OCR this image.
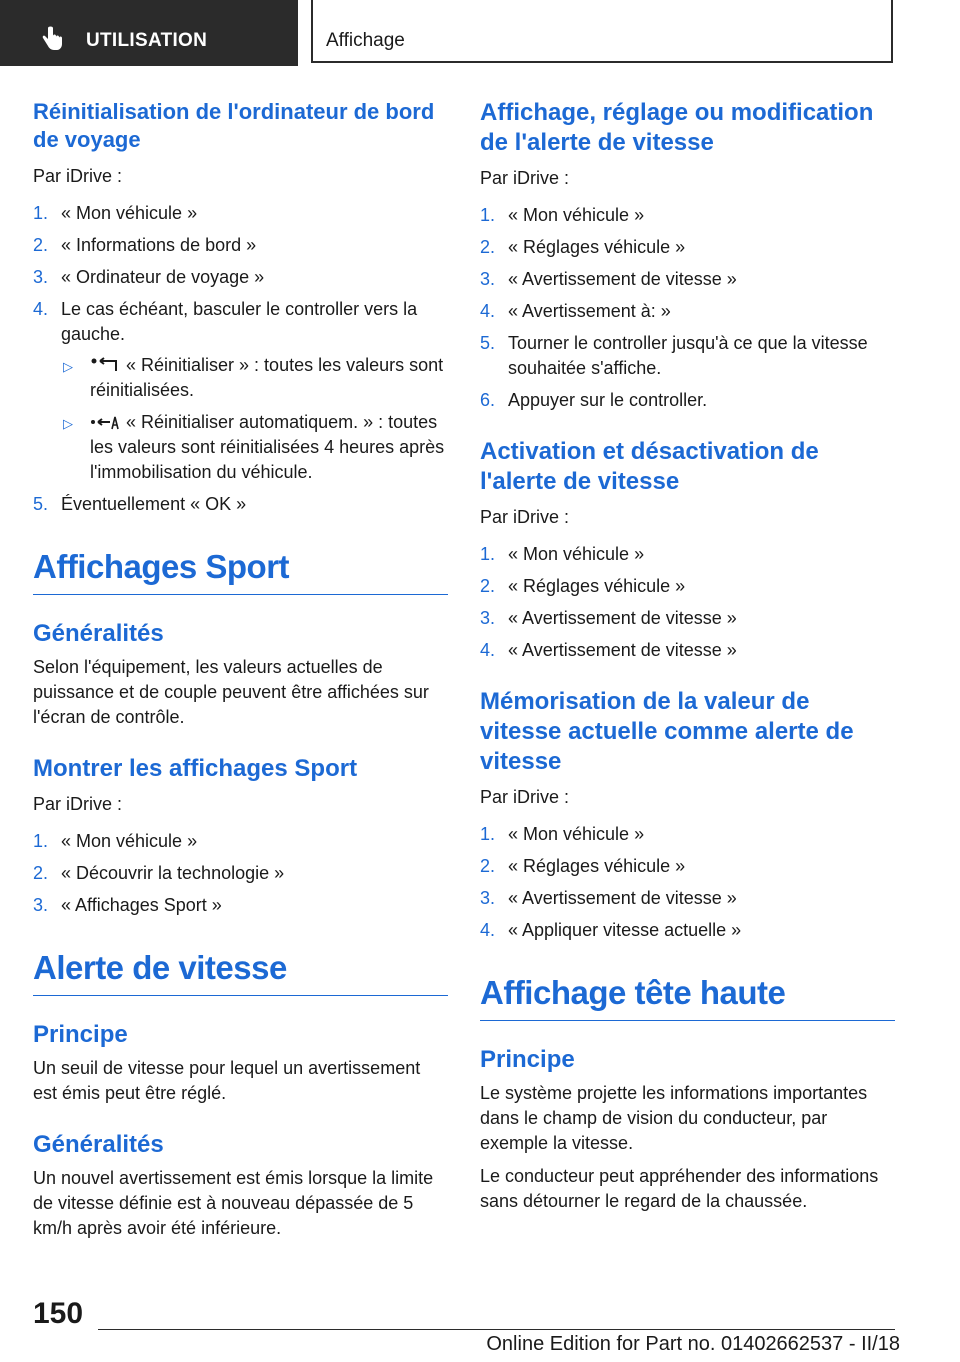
UTILISATION	Affichage
Réinitialisation de l'ordinateur de bord de voyage

Par iDrive :

1. « Mon véhicule »
2. « Informations de bord »
3. « Ordinateur de voyage »
4. Le cas échéant, basculer le controller vers la gauche.
▷	« Réinitialiser » : toutes les valeurs sont réinitialisées.
▷	« Réinitialiser automatiquem. » : toutes les valeurs sont réinitialisées 4 heures après l'immobilisation du véhicule.
5. Éventuellement « OK »
Affichages Sport
Généralités

Selon l'équipement, les valeurs actuelles de puissance et de couple peuvent être affichées sur l'écran de contrôle.

Montrer les affichages Sport

Par iDrive :

1. « Mon véhicule »
2. « Découvrir la technologie »
3. « Affichages Sport »
Alerte de vitesse
Principe

Un seuil de vitesse pour lequel un avertissement est émis peut être réglé.

Généralités

Un nouvel avertissement est émis lorsque la limite de vitesse définie est à nouveau dépassée de 5 km/h après avoir été inférieure.

Affichage, réglage ou modification de l'alerte de vitesse

Par iDrive :

1. « Mon véhicule »
2. « Réglages véhicule »
3. « Avertissement de vitesse »
4. « Avertissement à: »
5. Tourner le controller jusqu'à ce que la vitesse souhaitée s'affiche.
6. Appuyer sur le controller.
Activation et désactivation de l'alerte de vitesse

Par iDrive :

1. « Mon véhicule »
2. « Réglages véhicule »
3. « Avertissement de vitesse »
4. « Avertissement de vitesse »
Mémorisation de la valeur de vitesse actuelle comme alerte de vitesse

Par iDrive :

1. « Mon véhicule »
2. « Réglages véhicule »
3. « Avertissement de vitesse »
4. « Appliquer vitesse actuelle »
Affichage tête haute
Principe

Le système projette les informations importantes dans le champ de vision du conducteur, par exemple la vitesse.

Le conducteur peut appréhender des informations sans détourner le regard de la chaussée.

150
Online Edition for Part no. 01402662537 - II/18
